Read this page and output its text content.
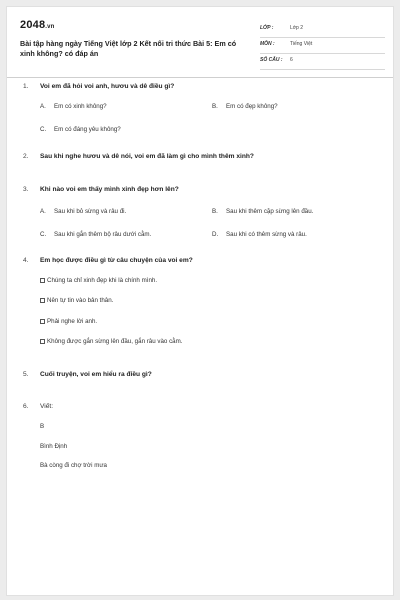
2048.vn
Bài tập hàng ngày Tiếng Việt lớp 2 Kết nối tri thức Bài 5: Em có xinh không? có đáp án
LỚP :	Lớp 2
MÔN :	Tiếng Việt
SỐ CÂU : 6
1. Voi em đã hỏi voi anh, hươu và dê điều gì?
A. Em có xinh không?	B. Em có đẹp không?
C. Em có đáng yêu không?
2. Sau khi nghe hươu và dê nói, voi em đã làm gì cho mình thêm xinh?
3. Khi nào voi em thấy mình xinh đẹp hơn lên?
A. Sau khi bỏ sừng và râu đi.	B. Sau khi thêm cặp sừng lên đầu.
C. Sau khi gắn thêm bộ râu dưới cằm.	D. Sau khi có thêm sừng và râu.
4. Em học được điều gì từ câu chuyện của voi em?
Chúng ta chỉ xinh đẹp khi là chính mình.
Nên tự tin vào bản thân.
Phải nghe lời anh.
Không được gắn sừng lên đầu, gắn râu vào cằm.
5. Cuối truyện, voi em hiểu ra điều gì?
6. Viết:
B
Bình Định
Bà còng đi chợ trời mưa
